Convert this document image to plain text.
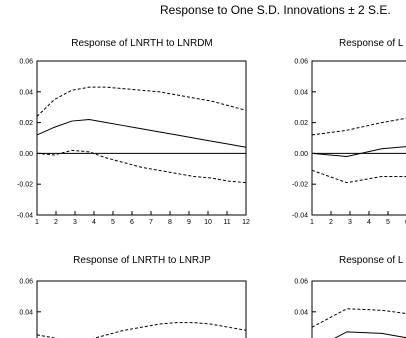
Response to One S.D. Innovations ± 2 S.E.
Response of LNRTH to LNRDM
0.06
0.04
0.02
0.00
-0.02
-0.04
1 2 3 4 5 6 7 8 9 10 11 12
Response of L
0.06
0.04
0.02
0.00
-0.02
-0.04
1 2 3 4 5
Response of LNRTH to LNRJP
0.06
0.04
Response of L
0.06
0.04
